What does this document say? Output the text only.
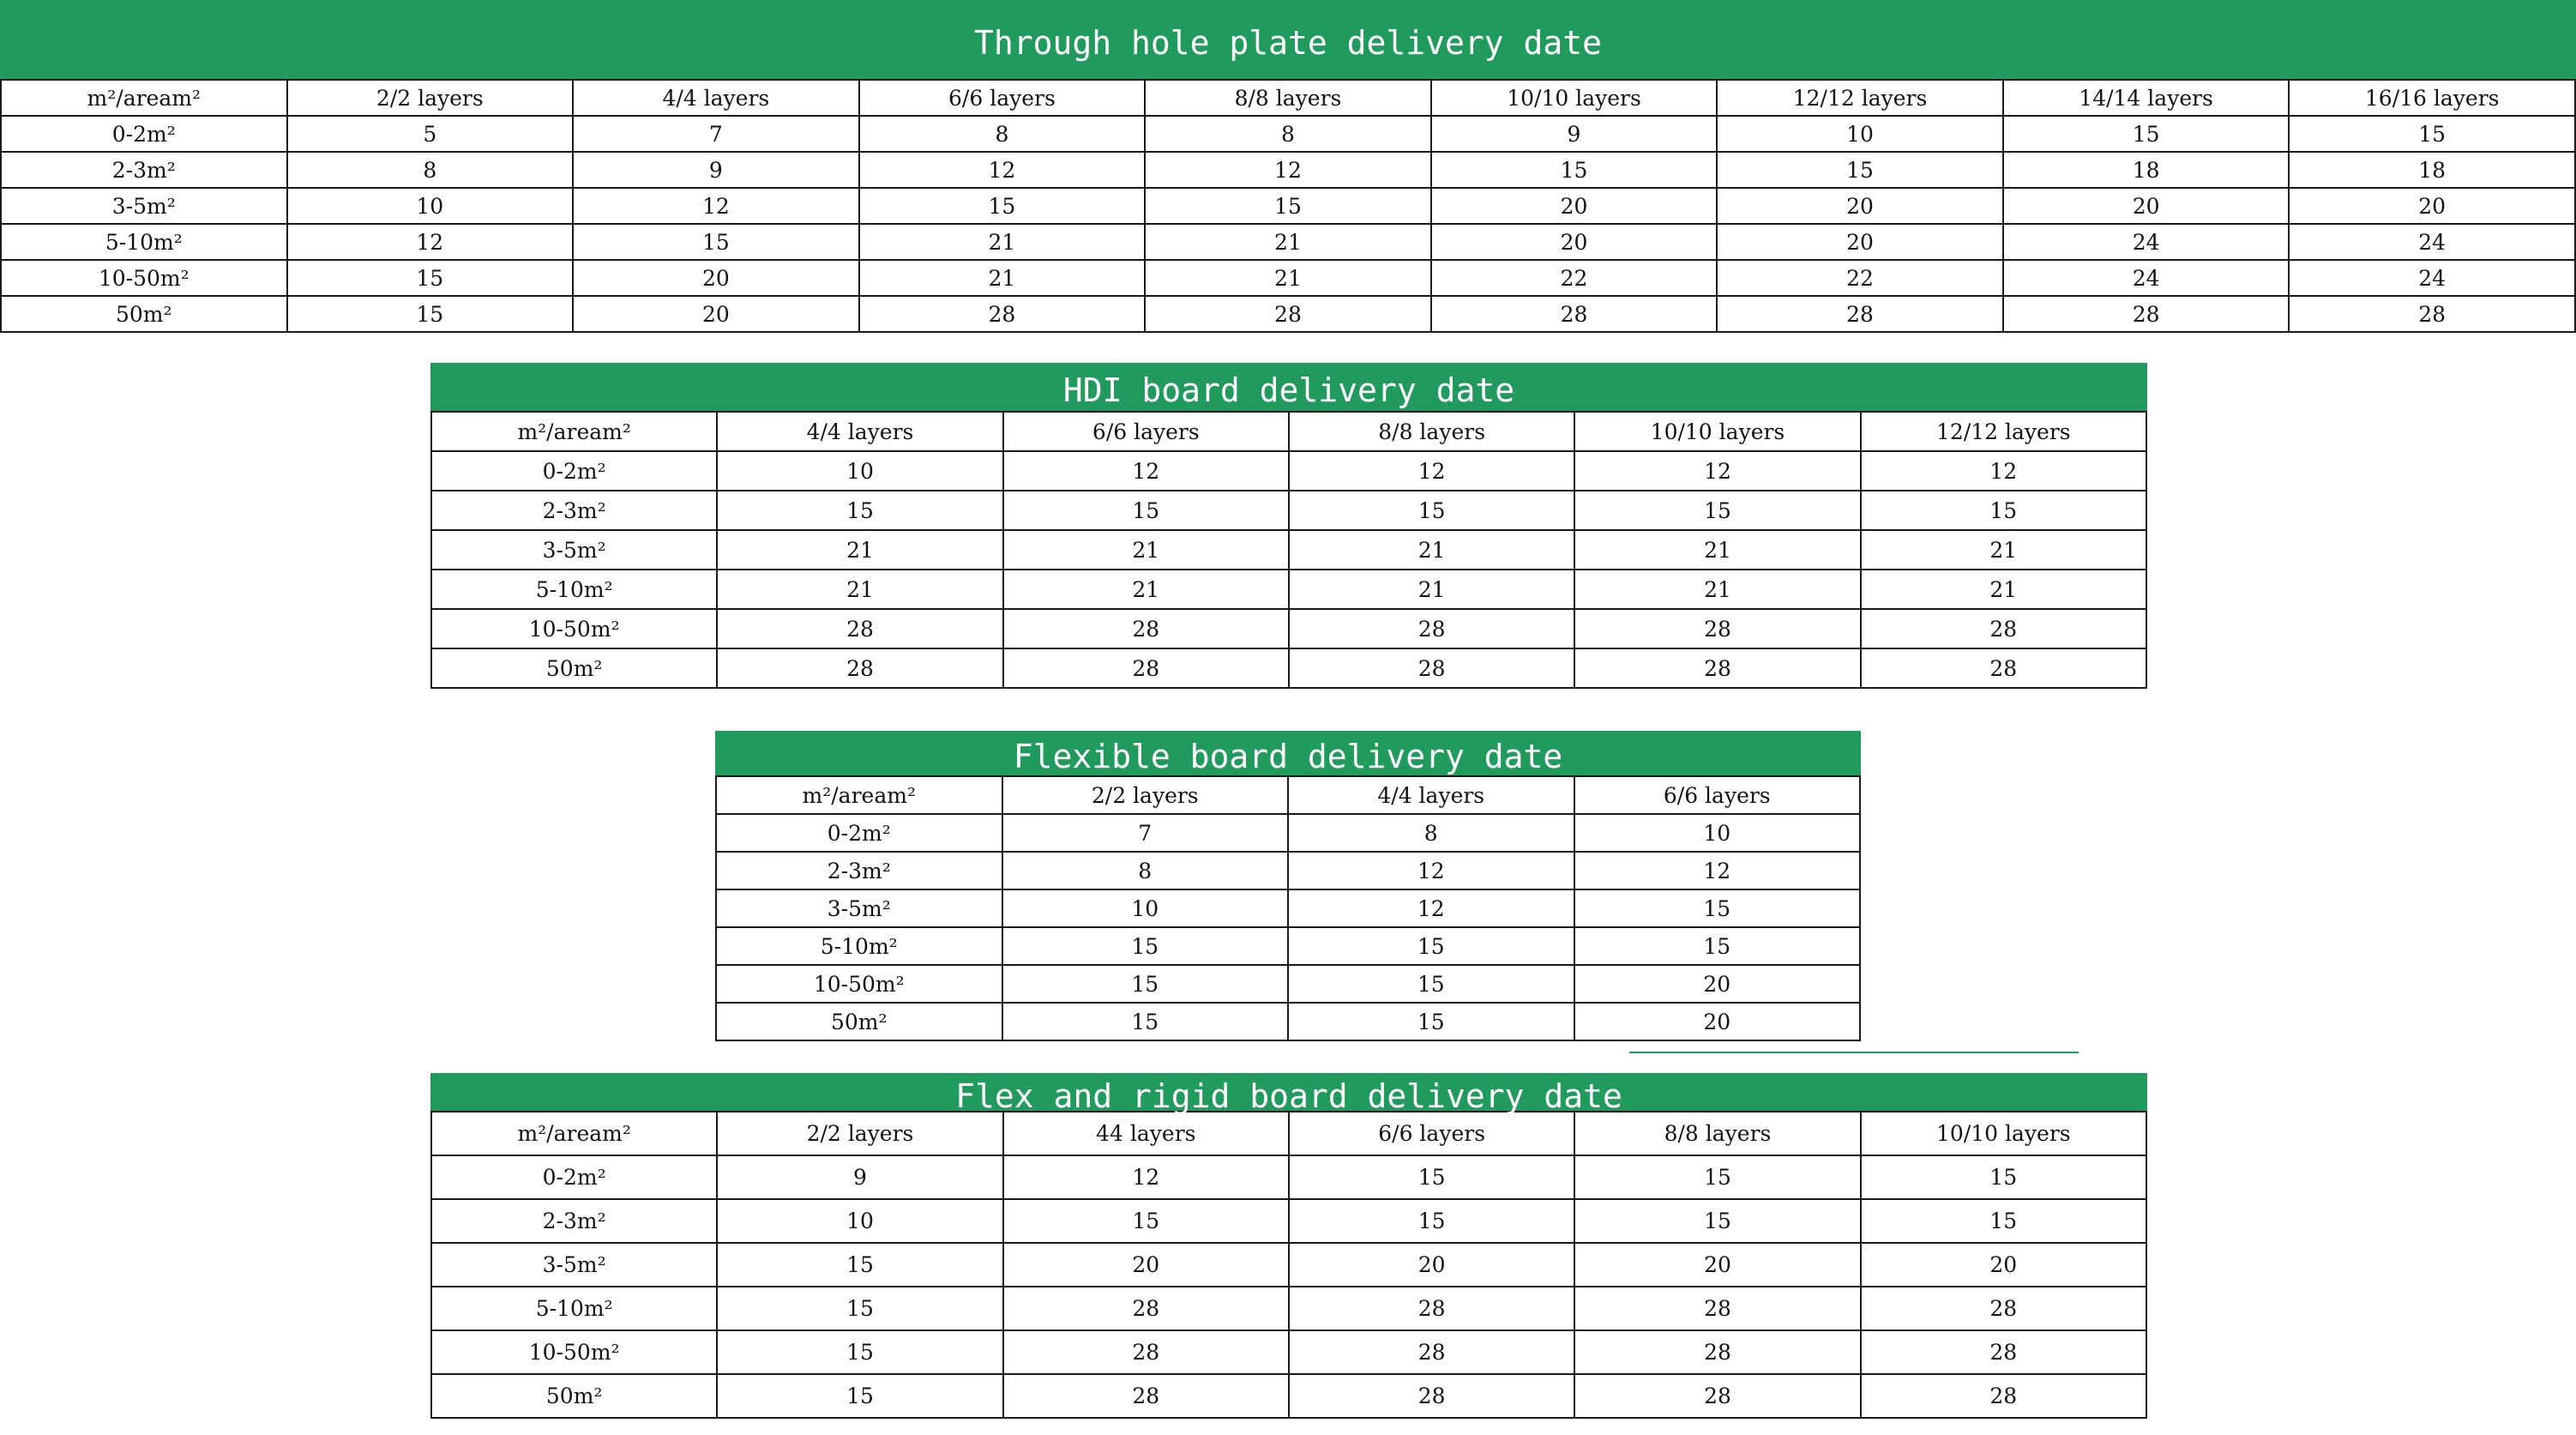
Through hole plate delivery date
m²/aream²	2/2 layers	4/4 layers	6/6 layers	8/8 layers	10/10 layers	12/12 layers	14/14 layers	16/16 layers
0-2m²	5	7	8	8	9	10	15	15
2-3m²	8	9	12	12	15	15	18	18
3-5m²	10	12	15	15	20	20	20	20
5-10m²	12	15	21	21	20	20	24	24
10-50m²	15	20	21	21	22	22	24	24
50m²	15	20	28	28	28	28	28	28
HDI board delivery date
m²/aream²	4/4 layers	6/6 layers	8/8 layers	10/10 layers	12/12 layers
0-2m²	10	12	12	12	12
2-3m²	15	15	15	15	15
3-5m²	21	21	21	21	21
5-10m²	21	21	21	21	21
10-50m²	28	28	28	28	28
50m²	28	28	28	28	28
Flexible board delivery date
m²/aream²	2/2 layers	4/4 layers	6/6 layers
0-2m²	7	8	10
2-3m²	8	12	12
3-5m²	10	12	15
5-10m²	15	15	15
10-50m²	15	15	20
50m²	15	15	20
Flex and rigid board delivery date
m²/aream²	2/2 layers	44 layers	6/6 layers	8/8 layers	10/10 layers
0-2m²	9	12	15	15	15
2-3m²	10	15	15	15	15
3-5m²	15	20	20	20	20
5-10m²	15	28	28	28	28
10-50m²	15	28	28	28	28
50m²	15	28	28	28	28
